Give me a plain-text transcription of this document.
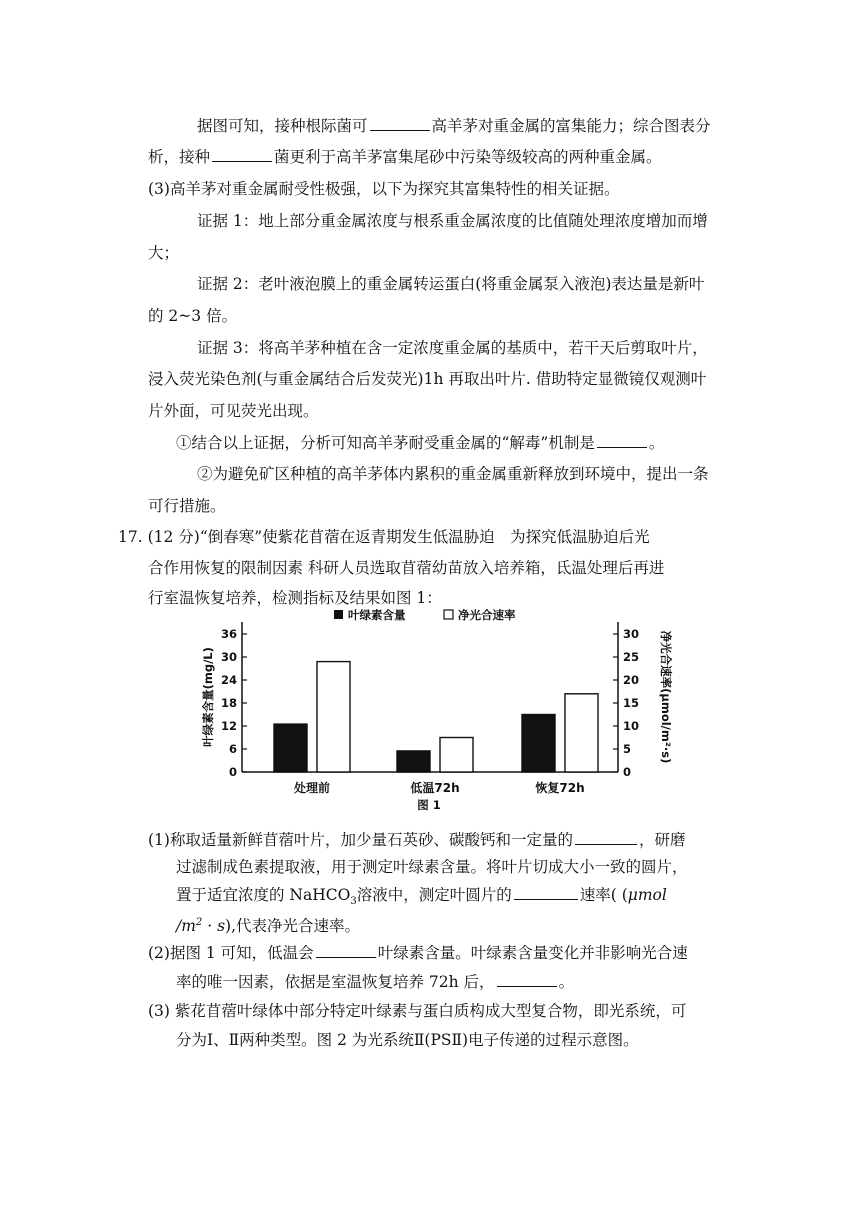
据图可知，接种根际菌可	高羊茅对重金属的富集能力；综合图表分
析，接种	菌更利于高羊茅富集尾砂中污染等级较高的两种重金属。
(3)高羊茅对重金属耐受性极强，以下为探究其富集特性的相关证据。
证据 1：地上部分重金属浓度与根系重金属浓度的比值随处理浓度增加而增
大；
证据 2：老叶液泡膜上的重金属转运蛋白(将重金属泵入液泡)表达量是新叶
的 2~3 倍。
证据 3：将高羊茅种植在含一定浓度重金属的基质中，若干天后剪取叶片，
浸入荧光染色剂(与重金属结合后发荧光)1h 再取出叶片. 借助特定显微镜仅观测叶
片外面，可见荧光出现。
①结合以上证据，分析可知高羊茅耐受重金属的“解毒”机制是	。
②为避免矿区种植的高羊茅体内累积的重金属重新释放到环境中，提出一条
可行措施。
17. (12 分)“倒春寒”使紫花苜蓿在返青期发生低温胁迫　为探究低温胁迫后光
合作用恢复的限制因素 科研人员选取苜蓿幼苗放入培养箱，氐温处理后再进
行室温恢复培养，检测指标及结果如图 1：
叶绿素含量	净光合速率
叶绿素含量(mg/L)	净光合速率(μmol/m²·s)
0
6
12
18
24
30
36
0
5
10
15
20
25
30
处理前	低温72h	恢复72h
图 1
(1)称取适量新鲜苜蓿叶片，加少量石英砂、碳酸钙和一定量的	，研磨
过滤制成色素提取液，用于测定叶绿素含量。将叶片切成大小一致的圆片，
置于适宜浓度的 NaHCO$_3$溶液中，测定叶圆片的	速率( (μmol
$/m^2 \cdot s$),代表净光合速率。
(2)据图 1 可知，低温会	叶绿素含量。叶绿素含量变化并非影响光合速
率的唯一因素，依据是室温恢复培养 72h 后，	。
(3) 紫花苜蓿叶绿体中部分特定叶绿素与蛋白质构成大型复合物，即光系统，可
分为Ⅰ、Ⅱ两种类型。图 2 为光系统Ⅱ(PSⅡ)电子传递的过程示意图。
